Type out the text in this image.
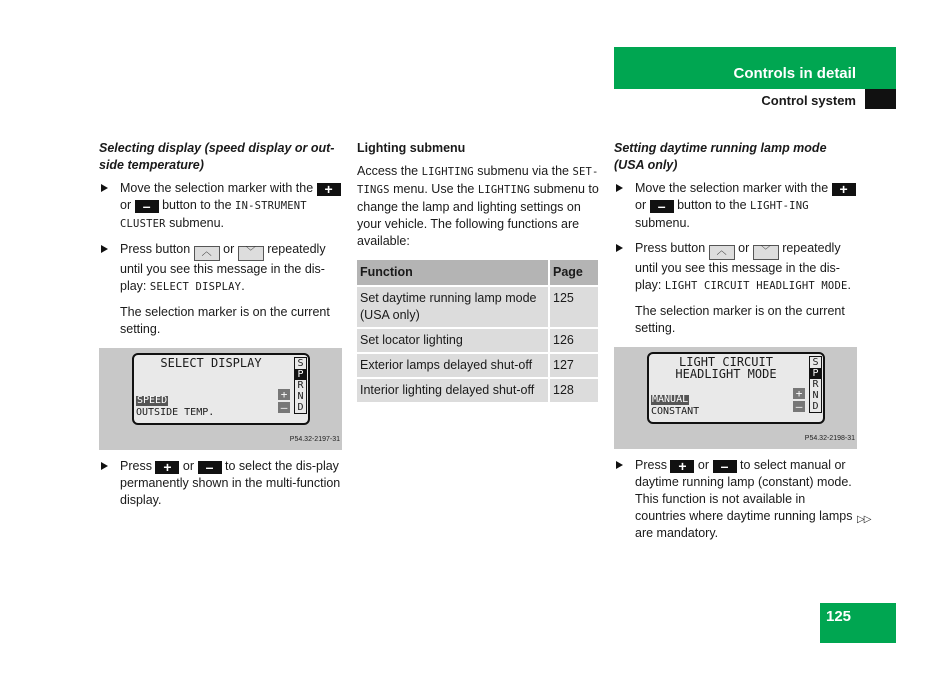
Controls in detail
Control system
Selecting display (speed display or out-side temperature)
Move the selection marker with the + or – button to the IN-STRUMENT CLUSTER submenu.
Press button ︿ or ﹀ repeatedly until you see this message in the dis-play: SELECT DISPLAY.
The selection marker is on the current setting.
SELECT DISPLAY
SPEED
OUTSIDE TEMP.
+
–
S
P
R
N
D
P54.32-2197-31
Press + or – to select the dis-play permanently shown in the multi-function display.
Lighting submenu
Access the LIGHTING submenu via the SET-TINGS menu. Use the LIGHTING submenu to change the lamp and lighting settings on your vehicle. The following functions are available:
Function	Page
Set daytime running lamp mode (USA only)	125
Set locator lighting	126
Exterior lamps delayed shut-off	127
Interior lighting delayed shut-off	128
Setting daytime running lamp mode (USA only)
Move the selection marker with the + or – button to the LIGHT-ING submenu.
Press button ︿ or ﹀ repeatedly until you see this message in the dis-play: LIGHT CIRCUIT HEADLIGHT MODE.
The selection marker is on the current setting.
LIGHT CIRCUIT
HEADLIGHT MODE
MANUAL
CONSTANT
+
–
S
P
R
N
D
P54.32-2198-31
Press + or – to select manual or daytime running lamp (constant) mode. This function is not available in countries where daytime running lamps are mandatory.
▷▷
125
